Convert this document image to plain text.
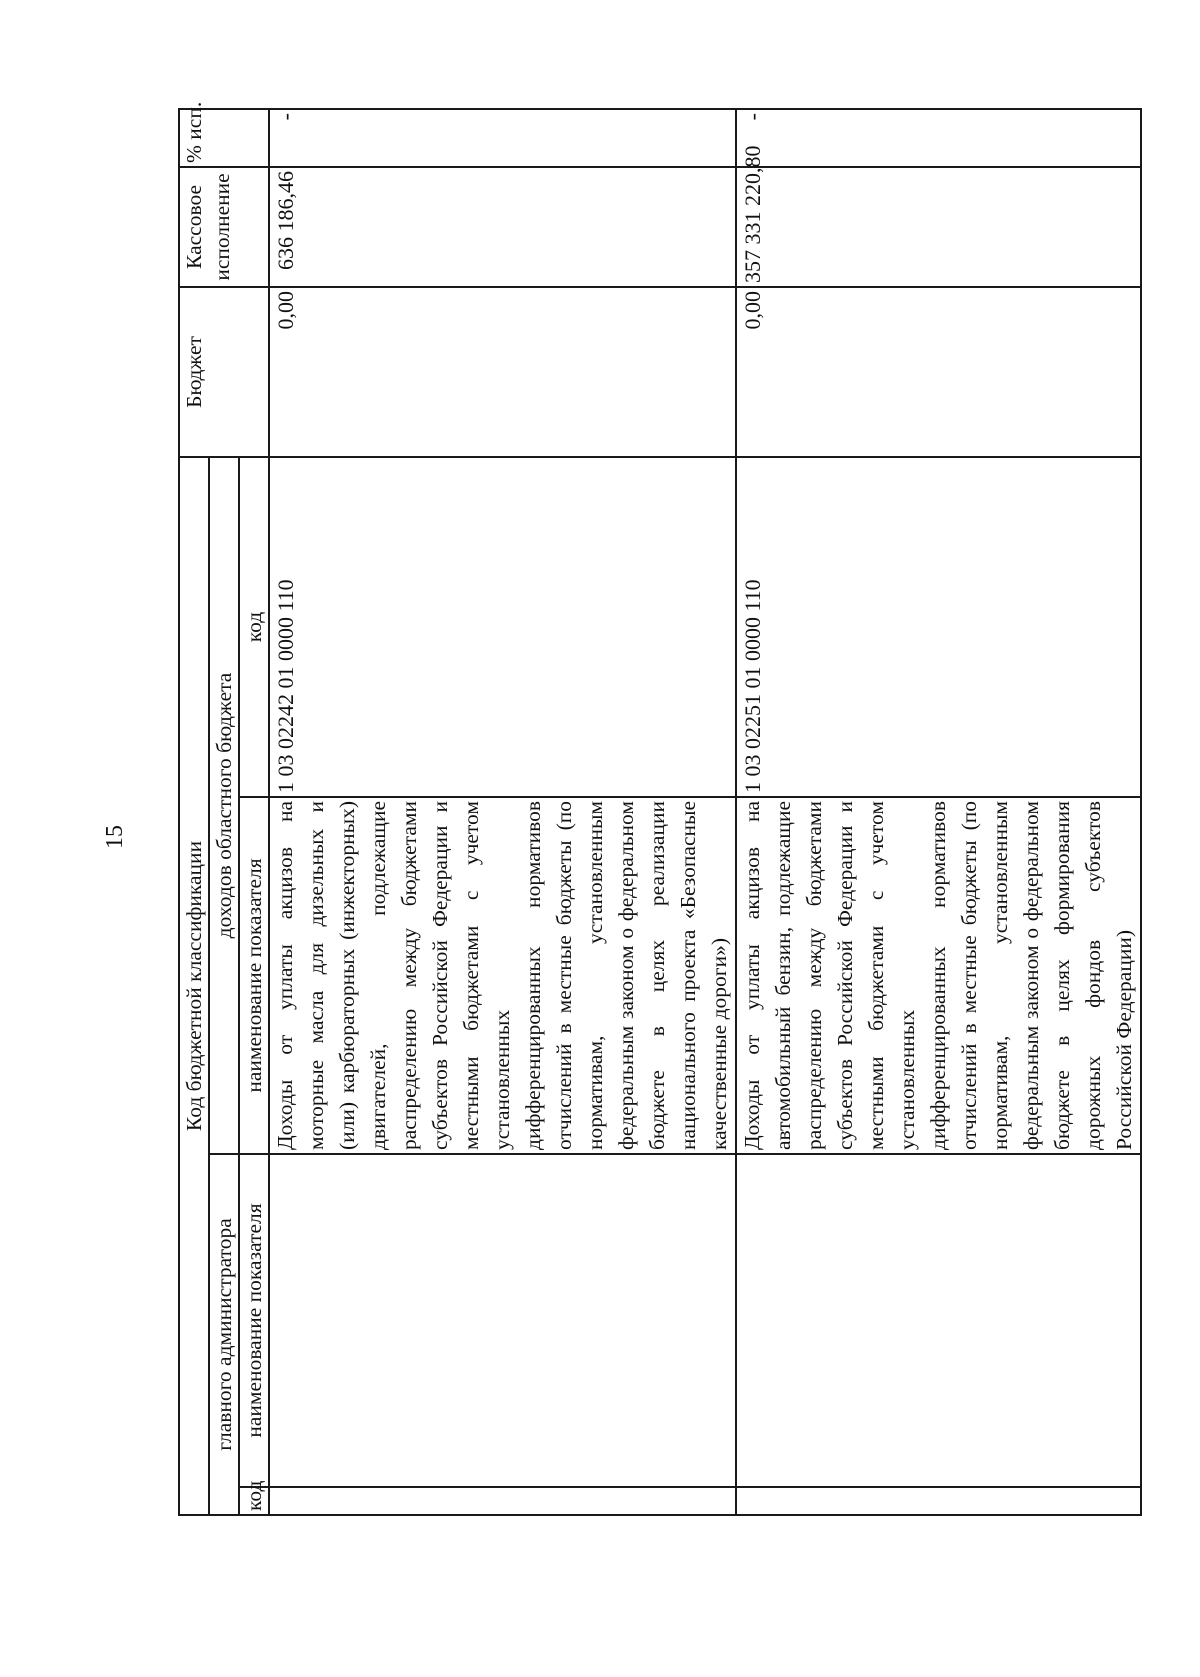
15
Код бюджетной классификации				Бюджет	Кассовое исполнение	% исп.
главного администратора		доходов областного бюджета				
код	наименование показателя	наименование показателя	код			
		Доходы от уплаты акцизов на моторные масла для дизельных и (или) карбюраторных (инжекторных) двигателей, подлежащие распределению между бюджетами субъектов Российской Федерации и местными бюджетами с учетом установленных дифференцированных нормативов отчислений в местные бюджеты (по нормативам, установленным федеральным законом о федеральном бюджете в целях реализации национального проекта «Безопасные качественные дороги»)	1 03 02242 01 0000 110	0,00	636 186,46	-
		Доходы от уплаты акцизов на автомобильный бензин, подлежащие распределению между бюджетами субъектов Российской Федерации и местными бюджетами с учетом установленных дифференцированных нормативов отчислений в местные бюджеты (по нормативам, установленным федеральным законом о федеральном бюджете в целях формирования дорожных фондов субъектов Российской Федерации)	1 03 02251 01 0000 110	0,00	357 331 220,80	-
